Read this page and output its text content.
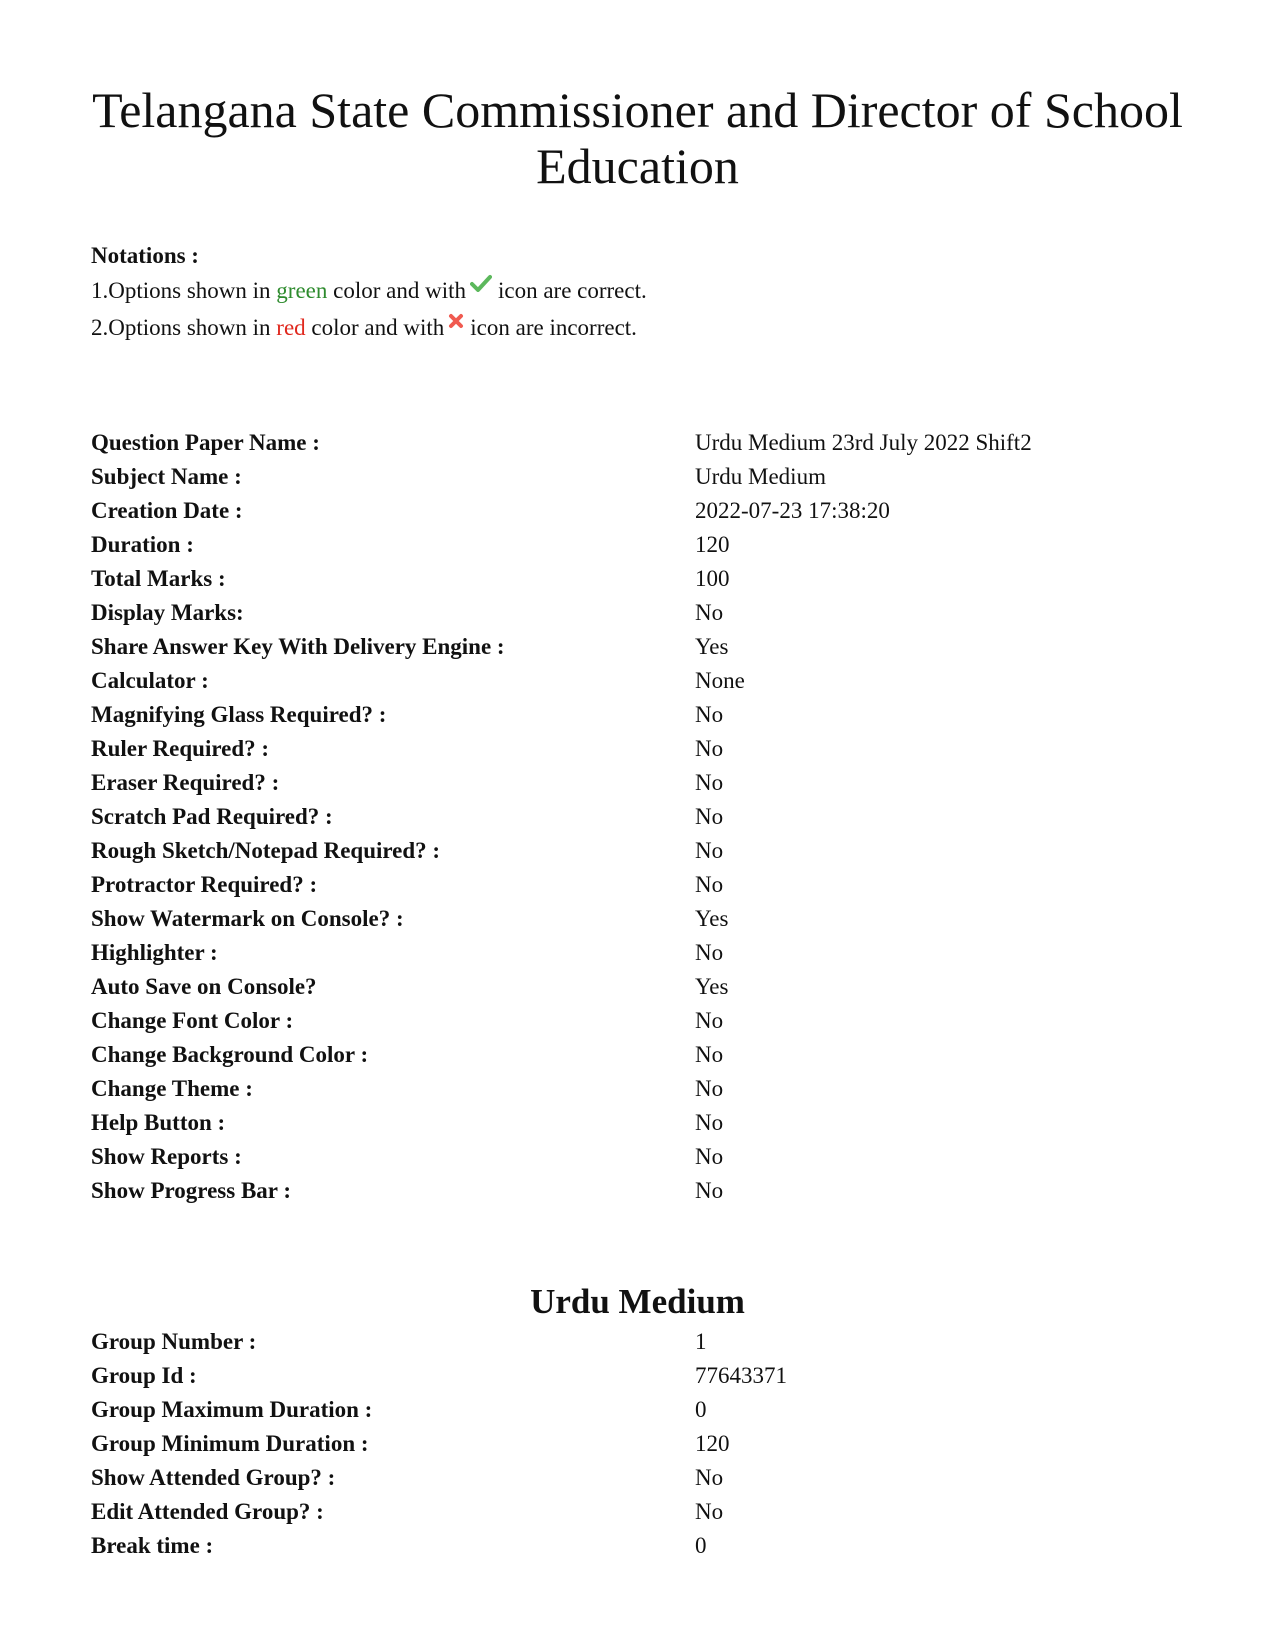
Telangana State Commissioner and Director of School Education
Notations :
1.Options shown in green color and with icon are correct.
2.Options shown in red color and with icon are incorrect.
Question Paper Name :	Urdu Medium 23rd July 2022 Shift2
Subject Name :	Urdu Medium
Creation Date :	2022-07-23 17:38:20
Duration :	120
Total Marks :	100
Display Marks:	No
Share Answer Key With Delivery Engine :	Yes
Calculator :	None
Magnifying Glass Required? :	No
Ruler Required? :	No
Eraser Required? :	No
Scratch Pad Required? :	No
Rough Sketch/Notepad Required? :	No
Protractor Required? :	No
Show Watermark on Console? :	Yes
Highlighter :	No
Auto Save on Console?	Yes
Change Font Color :	No
Change Background Color :	No
Change Theme :	No
Help Button :	No
Show Reports :	No
Show Progress Bar :	No
Urdu Medium
Group Number :	1
Group Id :	77643371
Group Maximum Duration :	0
Group Minimum Duration :	120
Show Attended Group? :	No
Edit Attended Group? :	No
Break time :	0
